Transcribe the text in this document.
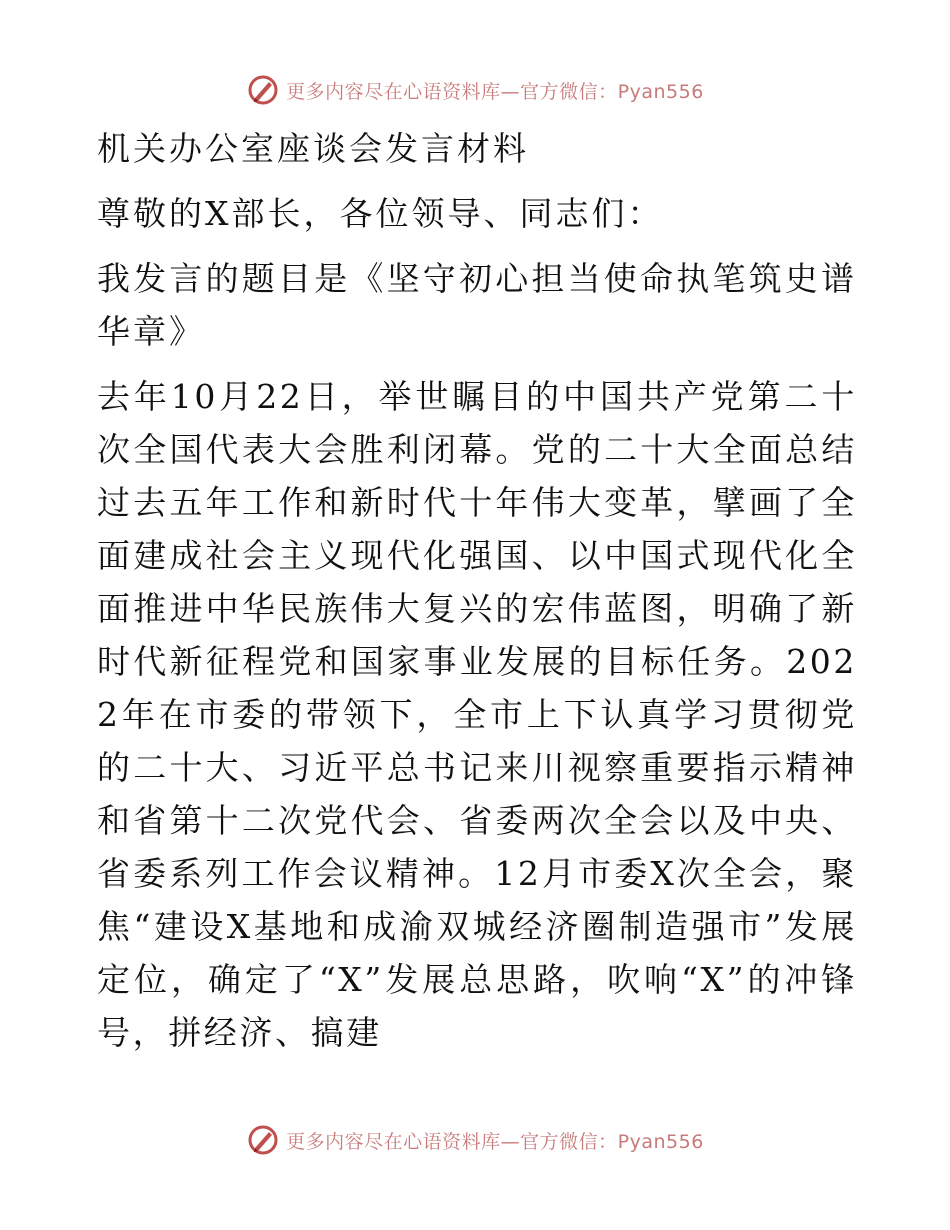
更多内容尽在心语资料库—官方微信：Pyan556

机关办公室座谈会发言材料

尊敬的X部长，各位领导、同志们：

我发言的题目是《坚守初心担当使命执笔筑史谱华章》

去年10月22日，举世瞩目的中国共产党第二十次全国代表大会胜利闭幕。党的二十大全面总结过去五年工作和新时代十年伟大变革，擘画了全面建成社会主义现代化强国、以中国式现代化全面推进中华民族伟大复兴的宏伟蓝图，明确了新时代新征程党和国家事业发展的目标任务。2022年在市委的带领下，全市上下认真学习贯彻党的二十大、习近平总书记来川视察重要指示精神和省第十二次党代会、省委两次全会以及中央、省委系列工作会议精神。12月市委X次全会，聚焦“建设X基地和成渝双城经济圈制造强市”发展定位，确定了“X”发展总思路，吹响“X”的冲锋号，拼经济、搞建

更多内容尽在心语资料库—官方微信：Pyan556
